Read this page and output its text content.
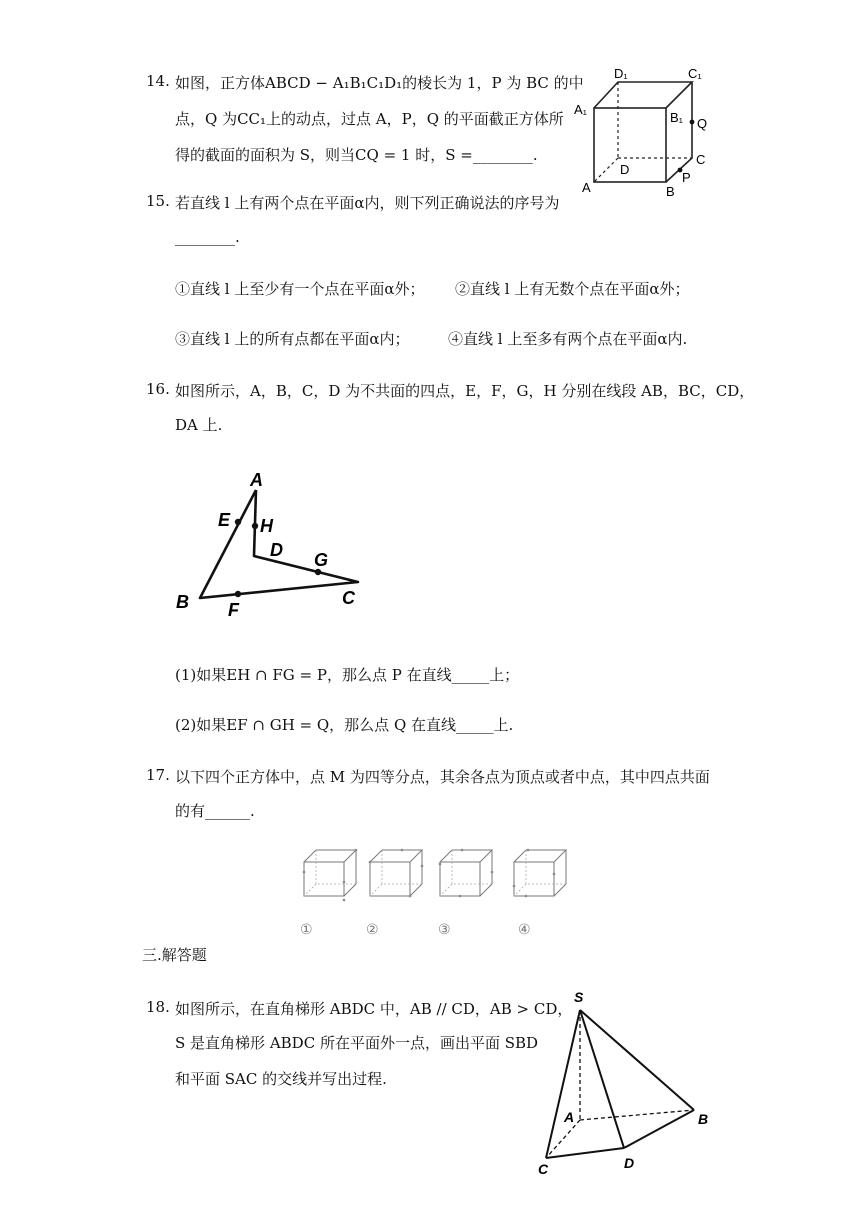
14. 如图，正方体ABCD − A₁B₁C₁D₁的棱长为 1，P 为 BC 的中
点，Q 为CC₁上的动点，过点 A，P，Q 的平面截正方体所
得的截面的面积为 S，则当CQ = 1 时，S =________.
D₁	C₁
A₁
B₁ Q
C
D
P
A	B
15. 若直线 l 上有两个点在平面α内，则下列正确说法的序号为
________.
①直线 l 上至少有一个点在平面α外； ②直线 l 上有无数个点在平面α外；
③直线 l 上的所有点都在平面α内；	④直线 l 上至多有两个点在平面α内.
16. 如图所示，A，B，C，D 为不共面的四点，E，F，G，H 分别在线段 AB，BC，CD，
DA 上.
A
E H
D G
B F
C
(1)如果EH ∩ FG = P，那么点 P 在直线_____上；
(2)如果EF ∩ GH = Q，那么点 Q 在直线_____上.
17. 以下四个正方体中，点 M 为四等分点，其余各点为顶点或者中点，其中四点共面
的有______.
①	②	③	④
三.解答题
18. 如图所示，在直角梯形 ABDC 中，AB // CD，AB > CD，
S 是直角梯形 ABDC 所在平面外一点，画出平面 SBD
和平面 SAC 的交线并写出过程.
S
A	B
C	D
